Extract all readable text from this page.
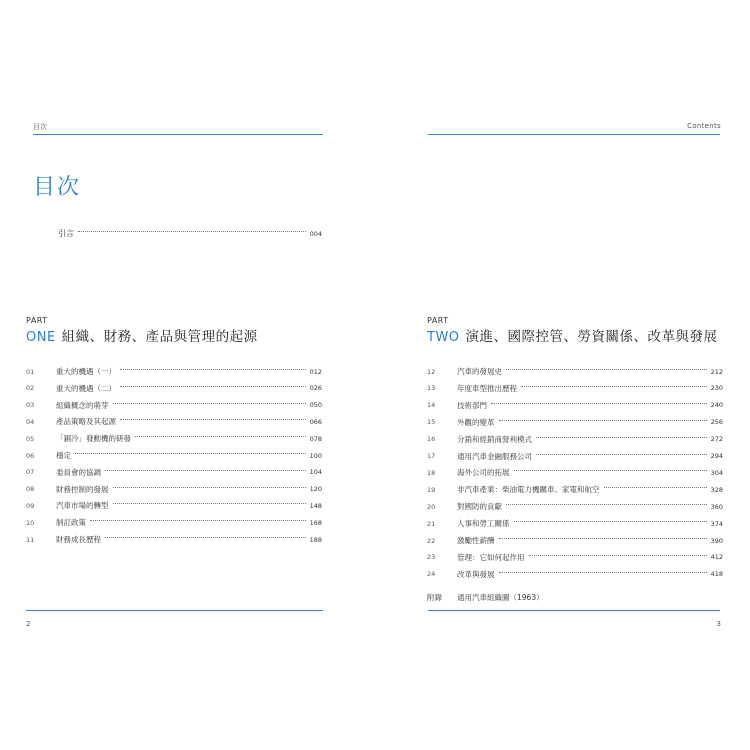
目次
目次
引言	004
PART
ONE 組織、財務、產品與管理的起源
01	重大的機遇（一）	012
02	重大的機遇（二）	026
03	組織概念的萌芽	050
04	產品策略及其起源	066
05	「銅冷」發動機的研發	078
06	穩定	100
07	委員會的協調	104
08	財務控制的發展	120
09	汽車市場的轉型	148
10	制訂政策	168
11	財務成長歷程	188
2
Contents
PART
TWO 演進、國際控管、勞資關係、改革與發展
12	汽車的發展史	212
13	年度車型推出歷程	230
14	技術部門	240
15	外觀的變革	256
16	分銷和經銷商營利模式	272
17	通用汽車金融服務公司	294
18	海外公司的拓展	304
19	非汽車產業：柴油電力機關車、家電和航空	328
20	對國防的貢獻	360
21	人事和勞工關係	374
22	激勵性薪酬	390
23	管理：它如何起作用	412
24	改革與發展	418
3
附錄	通用汽車組織圖（1963）
